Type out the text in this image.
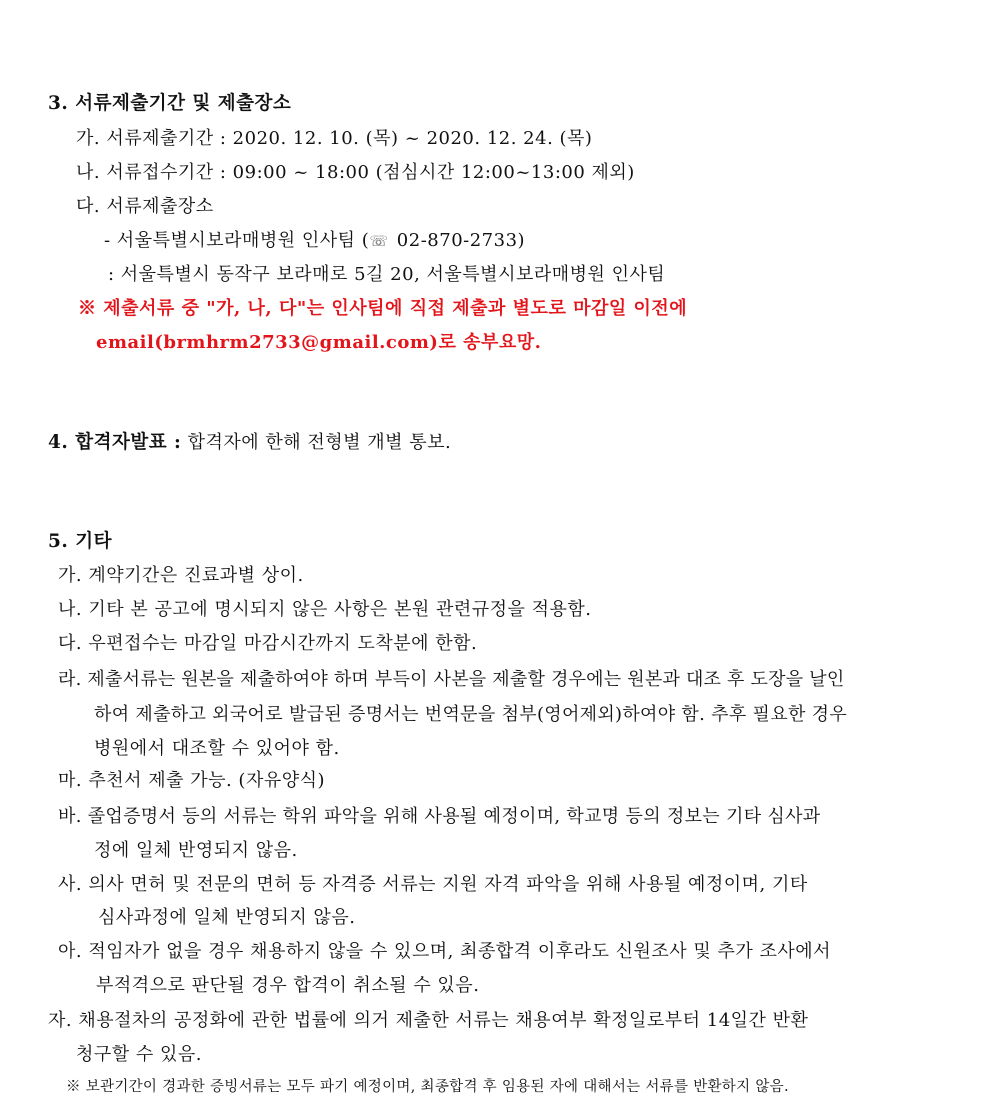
3. 서류제출기간 및 제출장소
가. 서류제출기간 : 2020. 12. 10. (목) ~ 2020. 12. 24. (목)
나. 서류접수기간 : 09:00 ~ 18:00 (점심시간 12:00~13:00 제외)
다. 서류제출장소
- 서울특별시보라매병원 인사팀 (☏ 02-870-2733)
: 서울특별시 동작구 보라매로 5길 20, 서울특별시보라매병원 인사팀
※ 제출서류 중 "가, 나, 다"는 인사팀에 직접 제출과 별도로 마감일 이전에
email(brmhrm2733@gmail.com)로 송부요망.
4. 합격자발표 : 합격자에 한해 전형별 개별 통보.
5. 기타
가. 계약기간은 진료과별 상이.
나. 기타 본 공고에 명시되지 않은 사항은 본원 관련규정을 적용함.
다. 우편접수는 마감일 마감시간까지 도착분에 한함.
라. 제출서류는 원본을 제출하여야 하며 부득이 사본을 제출할 경우에는 원본과 대조 후 도장을 날인
하여 제출하고 외국어로 발급된 증명서는 번역문을 첨부(영어제외)하여야 함. 추후 필요한 경우
병원에서 대조할 수 있어야 함.
마. 추천서 제출 가능. (자유양식)
바. 졸업증명서 등의 서류는 학위 파악을 위해 사용될 예정이며, 학교명 등의 정보는 기타 심사과
정에 일체 반영되지 않음.
사. 의사 면허 및 전문의 면허 등 자격증 서류는 지원 자격 파악을 위해 사용될 예정이며, 기타
심사과정에 일체 반영되지 않음.
아. 적임자가 없을 경우 채용하지 않을 수 있으며, 최종합격 이후라도 신원조사 및 추가 조사에서
부적격으로 판단될 경우 합격이 취소될 수 있음.
자. 채용절차의 공정화에 관한 법률에 의거 제출한 서류는 채용여부 확정일로부터 14일간 반환
청구할 수 있음.
※ 보관기간이 경과한 증빙서류는 모두 파기 예정이며, 최종합격 후 임용된 자에 대해서는 서류를 반환하지 않음.
